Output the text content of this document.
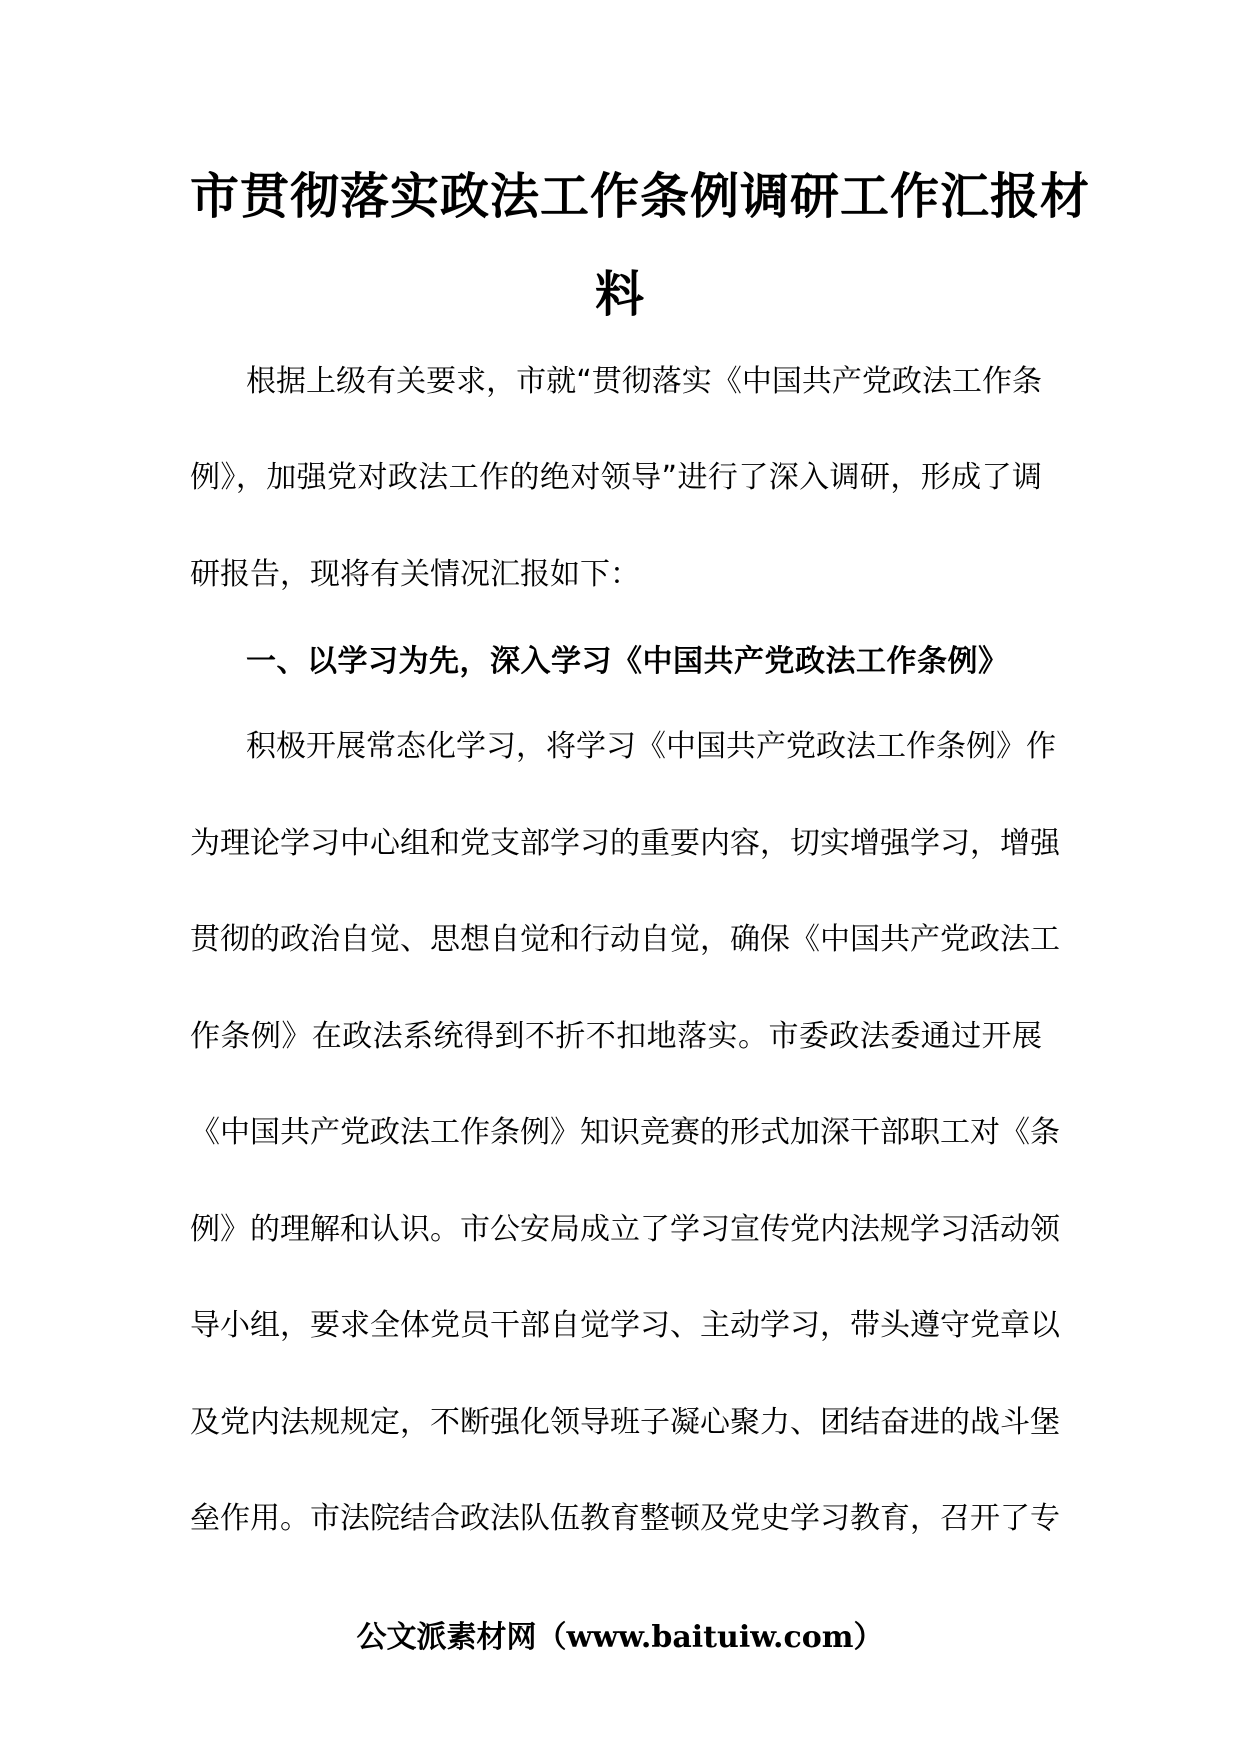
市贯彻落实政法工作条例调研工作汇报材
料
根据上级有关要求，市就“贯彻落实《中国共产党政法工作条
例》，加强党对政法工作的绝对领导”进行了深入调研，形成了调
研报告，现将有关情况汇报如下：
一、以学习为先，深入学习《中国共产党政法工作条例》
积极开展常态化学习，将学习《中国共产党政法工作条例》作
为理论学习中心组和党支部学习的重要内容，切实增强学习，增强
贯彻的政治自觉、思想自觉和行动自觉，确保《中国共产党政法工
作条例》在政法系统得到不折不扣地落实。市委政法委通过开展
《中国共产党政法工作条例》知识竞赛的形式加深干部职工对《条
例》的理解和认识。市公安局成立了学习宣传党内法规学习活动领
导小组，要求全体党员干部自觉学习、主动学习，带头遵守党章以
及党内法规规定，不断强化领导班子凝心聚力、团结奋进的战斗堡
垒作用。市法院结合政法队伍教育整顿及党史学习教育，召开了专
公文派素材网（www.baituiw.com）
